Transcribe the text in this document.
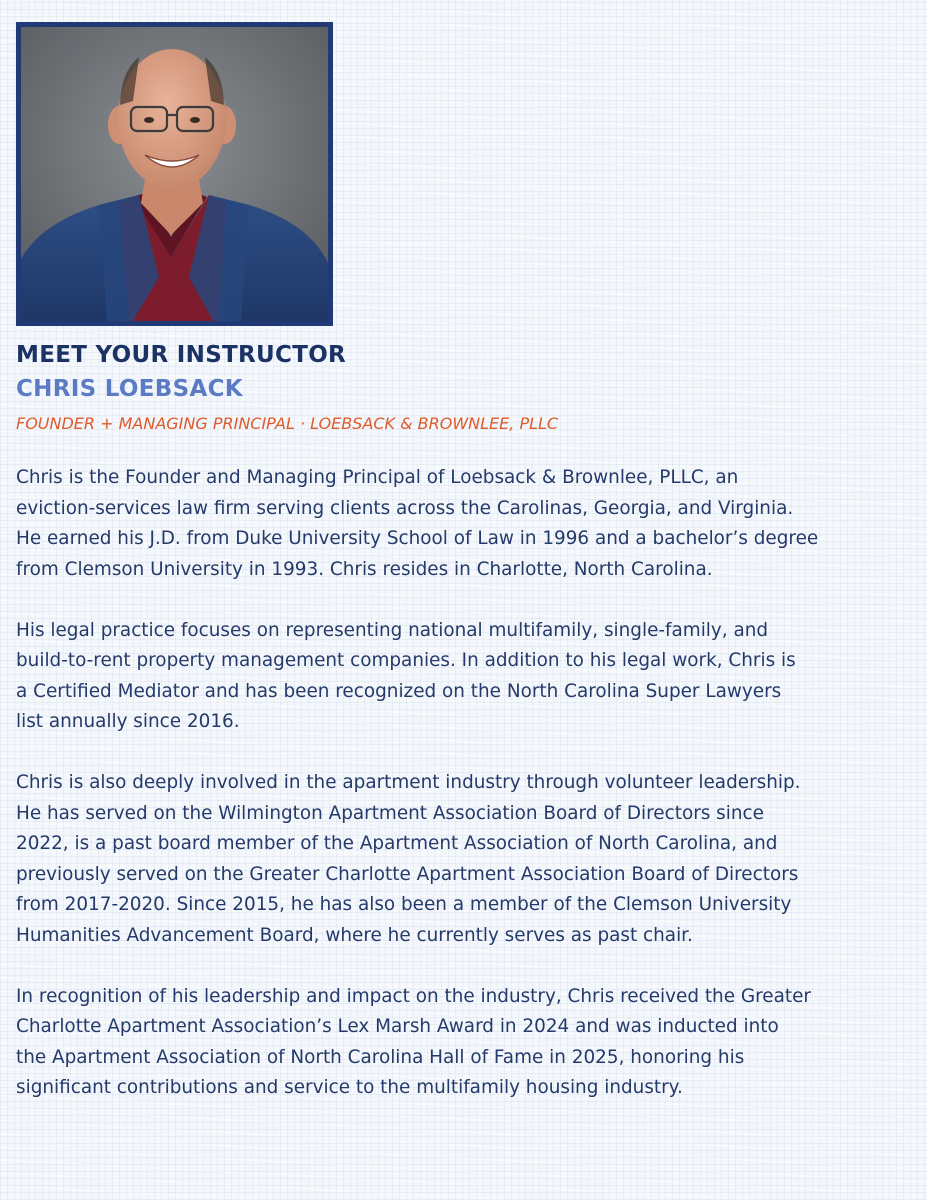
MEET YOUR INSTRUCTOR
CHRIS LOEBSACK
FOUNDER + MANAGING PRINCIPAL · LOEBSACK & BROWNLEE, PLLC

Chris is the Founder and Managing Principal of Loebsack & Brownlee, PLLC, an
eviction-services law firm serving clients across the Carolinas, Georgia, and Virginia.
He earned his J.D. from Duke University School of Law in 1996 and a bachelor’s degree
from Clemson University in 1993. Chris resides in Charlotte, North Carolina.

His legal practice focuses on representing national multifamily, single-family, and
build-to-rent property management companies. In addition to his legal work, Chris is
a Certified Mediator and has been recognized on the North Carolina Super Lawyers
list annually since 2016.

Chris is also deeply involved in the apartment industry through volunteer leadership.
He has served on the Wilmington Apartment Association Board of Directors since
2022, is a past board member of the Apartment Association of North Carolina, and
previously served on the Greater Charlotte Apartment Association Board of Directors
from 2017-2020. Since 2015, he has also been a member of the Clemson University
Humanities Advancement Board, where he currently serves as past chair.

In recognition of his leadership and impact on the industry, Chris received the Greater
Charlotte Apartment Association’s Lex Marsh Award in 2024 and was inducted into
the Apartment Association of North Carolina Hall of Fame in 2025, honoring his
significant contributions and service to the multifamily housing industry.
